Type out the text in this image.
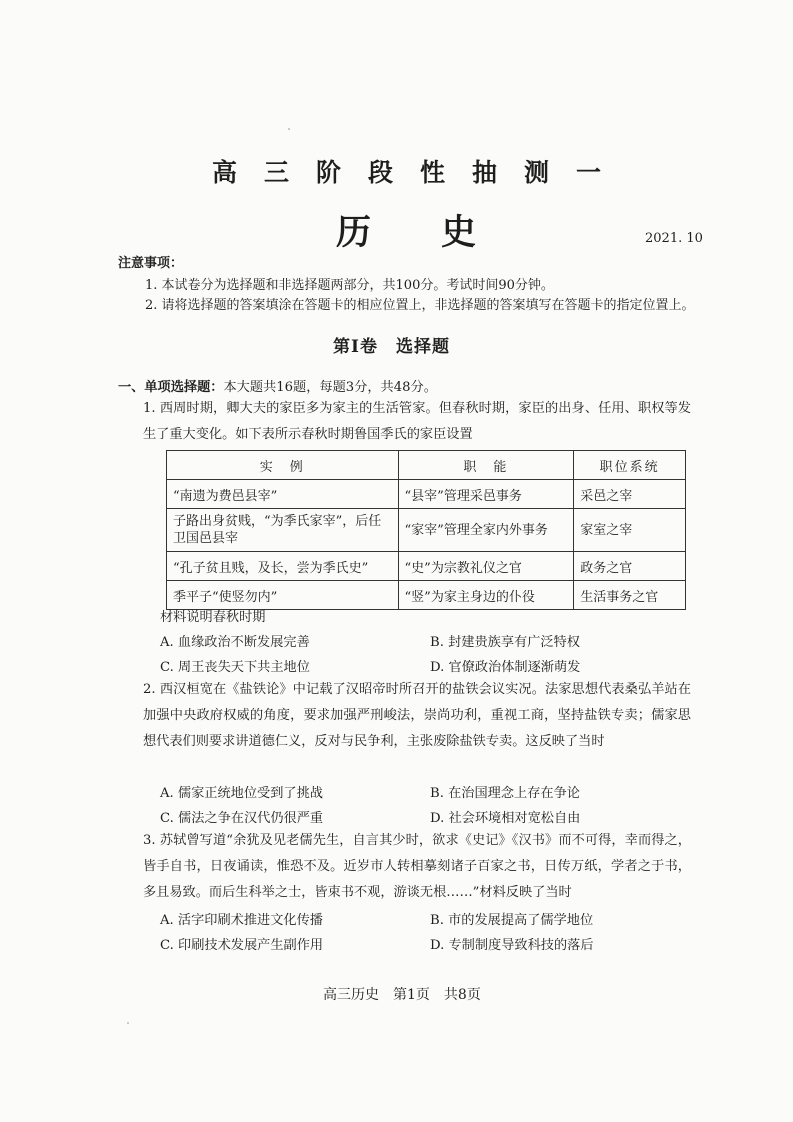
高三阶段性抽测一
历史	2021. 10
注意事项：
1. 本试卷分为选择题和非选择题两部分，共100分。考试时间90分钟。
2. 请将选择题的答案填涂在答题卡的相应位置上，非选择题的答案填写在答题卡的指定位置上。
第Ⅰ卷　选择题
一、单项选择题：本大题共16题，每题3分，共48分。
1. 西周时期，卿大夫的家臣多为家主的生活管家。但春秋时期，家臣的出身、任用、职权等发生了重大变化。如下表所示春秋时期鲁国季氏的家臣设置
实　例	职　能	职位系统
“南遗为费邑县宰”	“县宰”管理采邑事务	采邑之宰
子路出身贫贱，“为季氏家宰”，后任卫国邑县宰	“家宰”管理全家内外事务	家室之宰
“孔子贫且贱，及长，尝为季氏史”	“史”为宗教礼仪之官	政务之官
季平子“使竖勿内”	“竖”为家主身边的仆役	生活事务之官
材料说明春秋时期
A. 血缘政治不断发展完善	B. 封建贵族享有广泛特权
C. 周王丧失天下共主地位	D. 官僚政治体制逐渐萌发
2. 西汉桓宽在《盐铁论》中记载了汉昭帝时所召开的盐铁会议实况。法家思想代表桑弘羊站在加强中央政府权威的角度，要求加强严刑峻法，崇尚功利，重视工商，坚持盐铁专卖；儒家思想代表们则要求讲道德仁义，反对与民争利，主张废除盐铁专卖。这反映了当时
A. 儒家正统地位受到了挑战	B. 在治国理念上存在争论
C. 儒法之争在汉代仍很严重	D. 社会环境相对宽松自由
3. 苏轼曾写道“余犹及见老儒先生，自言其少时，欲求《史记》《汉书》而不可得，幸而得之，皆手自书，日夜诵读，惟恐不及。近岁市人转相摹刻诸子百家之书，日传万纸，学者之于书，多且易致。而后生科举之士，皆束书不观，游谈无根……”材料反映了当时
A. 活字印刷术推进文化传播	B. 市的发展提高了儒学地位
C. 印刷技术发展产生副作用	D. 专制制度导致科技的落后
高三历史　第1页　共8页
